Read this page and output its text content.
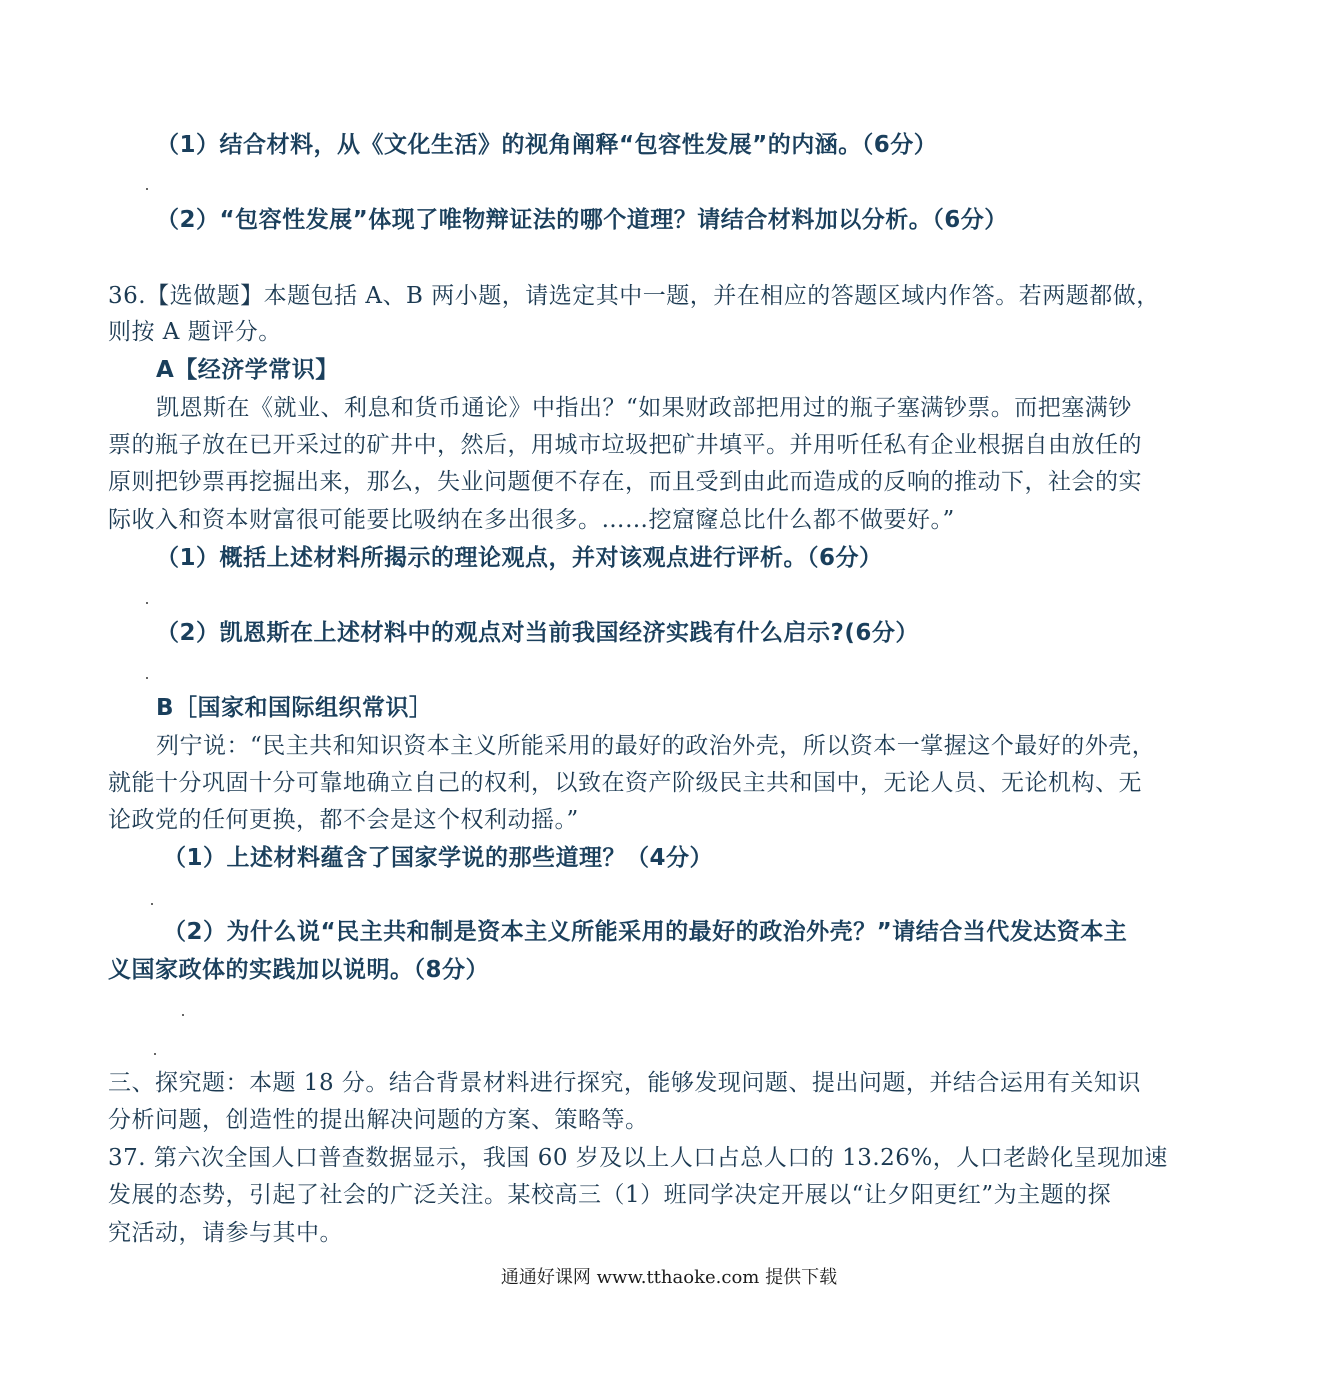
（1）结合材料，从《文化生活》的视角阐释“包容性发展”的内涵。（6分）
（2）“包容性发展”体现了唯物辩证法的哪个道理？请结合材料加以分析。（6分）
36.【选做题】本题包括 A、B 两小题，请选定其中一题，并在相应的答题区域内作答。若两题都做，
则按 A 题评分。
A【经济学常识】
凯恩斯在《就业、利息和货币通论》中指出？“如果财政部把用过的瓶子塞满钞票。而把塞满钞
票的瓶子放在已开采过的矿井中，然后，用城市垃圾把矿井填平。并用听任私有企业根据自由放任的
原则把钞票再挖掘出来，那么，失业问题便不存在，而且受到由此而造成的反响的推动下，社会的实
际收入和资本财富很可能要比吸纳在多出很多。……挖窟窿总比什么都不做要好。”
（1）概括上述材料所揭示的理论观点，并对该观点进行评析。（6分）
（2）凯恩斯在上述材料中的观点对当前我国经济实践有什么启示?(6分）
B［国家和国际组织常识］
列宁说：“民主共和知识资本主义所能采用的最好的政治外壳，所以资本一掌握这个最好的外壳，
就能十分巩固十分可靠地确立自己的权利，以致在资产阶级民主共和国中，无论人员、无论机构、无
论政党的任何更换，都不会是这个权利动摇。”
（1）上述材料蕴含了国家学说的那些道理？（4分）
（2）为什么说“民主共和制是资本主义所能采用的最好的政治外壳？”请结合当代发达资本主
义国家政体的实践加以说明。（8分）
三、探究题：本题 18 分。结合背景材料进行探究，能够发现问题、提出问题，并结合运用有关知识
分析问题，创造性的提出解决问题的方案、策略等。
37. 第六次全国人口普查数据显示，我国 60 岁及以上人口占总人口的 13.26%，人口老龄化呈现加速
发展的态势，引起了社会的广泛关注。某校高三（1）班同学决定开展以“让夕阳更红”为主题的探
究活动，请参与其中。
通通好课网 www.tthaoke.com 提供下载
